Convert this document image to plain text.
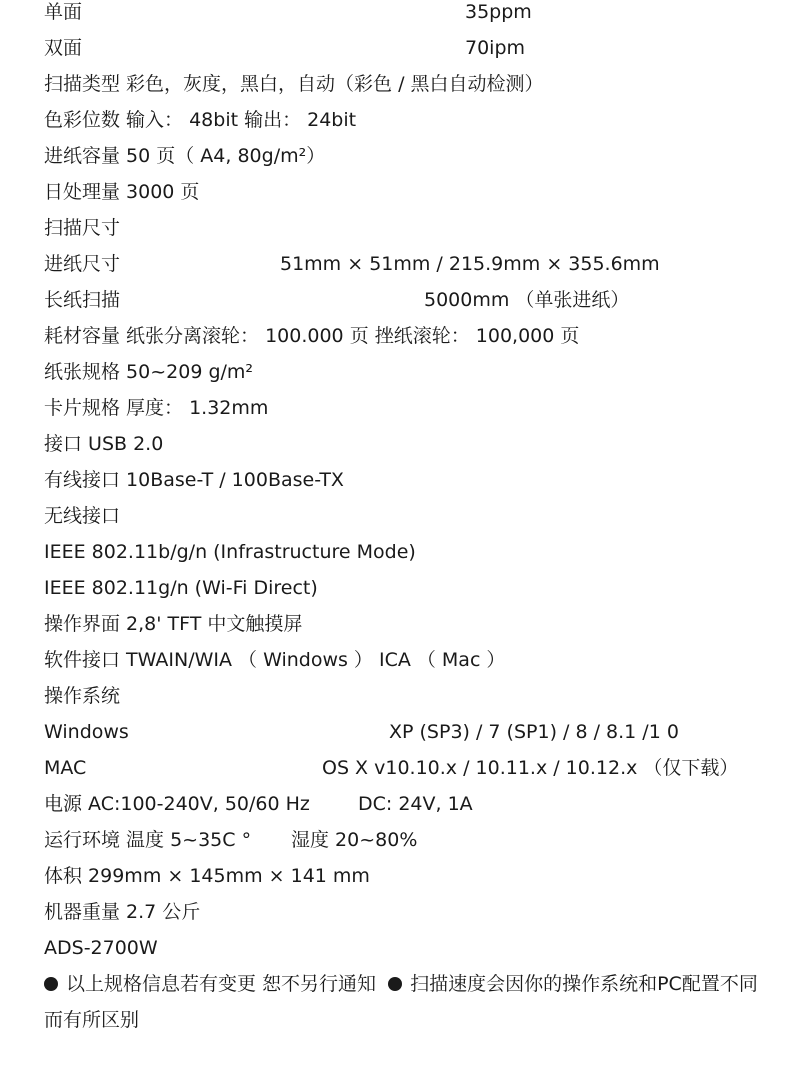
单面	35ppm
双面	70ipm
扫描类型 彩色，灰度，黑白，自动（彩色 / 黑白自动检测）
色彩位数 输入： 48bit 输出： 24bit
进纸容量 50 页（ A4, 80g/m²）
日处理量 3000 页
扫描尺寸
进纸尺寸	51mm × 51mm / 215.9mm × 355.6mm
长纸扫描	5000mm （单张进纸）
耗材容量 纸张分离滚轮： 100.000 页 挫纸滚轮： 100,000 页
纸张规格 50~209 g/m²
卡片规格 厚度： 1.32mm
接口 USB 2.0
有线接口 10Base-T / 100Base-TX
无线接口
IEEE 802.11b/g/n (Infrastructure Mode)
IEEE 802.11g/n (Wi-Fi Direct)
操作界面 2,8' TFT 中文触摸屏
软件接口 TWAIN/WIA （ Windows ） ICA （ Mac ）
操作系统
Windows	XP (SP3) / 7 (SP1) / 8 / 8.1 /1 0
MAC	OS X v10.10.x / 10.11.x / 10.12.x （仅下载）
电源 AC:100-240V, 50/60 Hz	DC: 24V, 1A
运行环境 温度 5~35C ° 湿度 20~80%
体积 299mm × 145mm × 141 mm
机器重量 2.7 公斤
ADS-2700W
以上规格信息若有变更 恕不另行通知 扫描速度会因你的操作系统和PC配置不同而有所区别
